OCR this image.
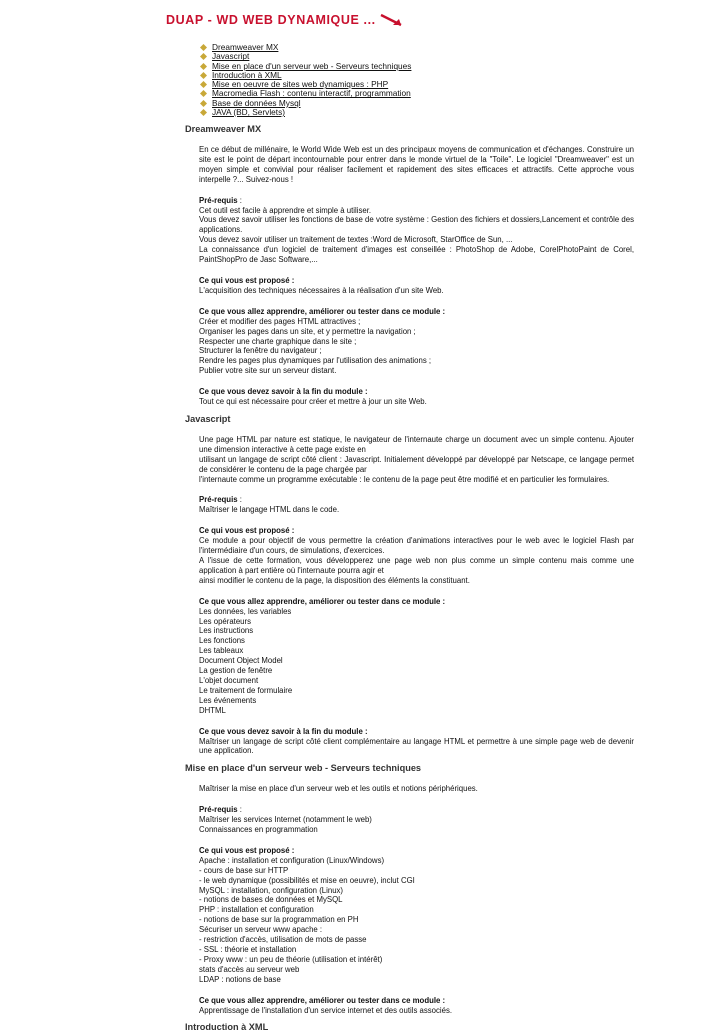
DUAP - WD WEB DYNAMIQUE ...
Dreamweaver MX
Javascript
Mise en place d'un serveur web - Serveurs techniques
Introduction à XML
Mise en oeuvre de sites web dynamiques : PHP
Macromedia Flash : contenu interactif, programmation
Base de données Mysql
JAVA (BD, Servlets)
Dreamweaver MX

En ce début de millénaire, le World Wide Web est un des principaux moyens de communication et d'échanges. Construire un site est le point de départ incontournable pour entrer dans le monde virtuel de la "Toile". Le logiciel "Dreamweaver" est un moyen simple et convivial pour réaliser facilement et rapidement des sites efficaces et attractifs. Cette approche vous interpelle ?... Suivez-nous !

Pré-requis :

Cet outil est facile à apprendre et simple à utiliser.

Vous devez savoir utiliser les fonctions de base de votre système : Gestion des fichiers et dossiers,Lancement et contrôle des applications.

Vous devez savoir utiliser un traitement de textes :Word de Microsoft, StarOffice de Sun, ...

La connaissance d'un logiciel de traitement d'images est conseillée : PhotoShop de Adobe, CorelPhotoPaint de Corel, PaintShopPro de Jasc Software,...

Ce qui vous est proposé :

L'acquisition des techniques nécessaires à la réalisation d'un site Web.

Ce que vous allez apprendre, améliorer ou tester dans ce module :

Créer et modifier des pages HTML attractives ;

Organiser les pages dans un site, et y permettre la navigation ;

Respecter une charte graphique dans le site ;

Structurer la fenêtre du navigateur ;

Rendre les pages plus dynamiques par l'utilisation des animations ;

Publier votre site sur un serveur distant.

Ce que vous devez savoir à la fin du module :

Tout ce qui est nécessaire pour créer et mettre à jour un site Web.

Javascript

Une page HTML par nature est statique, le navigateur de l'internaute charge un document avec un simple contenu. Ajouter une dimension interactive à cette page existe en

utilisant un langage de script côté client : Javascript. Initialement développé par développé par Netscape, ce langage permet de considérer le contenu de la page chargée par

l'internaute comme un programme exécutable : le contenu de la page peut être modifié et en particulier les formulaires.

Pré-requis :

Maîtriser le langage HTML dans le code.

Ce qui vous est proposé :

Ce module a pour objectif de vous permettre la création d'animations interactives pour le web avec le logiciel Flash par l'intermédiaire d'un cours, de simulations, d'exercices.

A l'issue de cette formation, vous développerez une page web non plus comme un simple contenu mais comme une application à part entière où l'internaute pourra agir et

ainsi modifier le contenu de la page, la disposition des éléments la constituant.

Ce que vous allez apprendre, améliorer ou tester dans ce module :

Les données, les variables

Les opérateurs

Les instructions

Les fonctions

Les tableaux

Document Object Model

La gestion de fenêtre

L'objet document

Le traitement de formulaire

Les événements

DHTML

Ce que vous devez savoir à la fin du module :

Maîtriser un langage de script côté client complémentaire au langage HTML et permettre à une simple page web de devenir une application.

Mise en place d'un serveur web - Serveurs techniques

Maîtriser la mise en place d'un serveur web et les outils et notions périphériques.

Pré-requis :

Maîtriser les services Internet (notamment le web)

Connaissances en programmation

Ce qui vous est proposé :

Apache : installation et configuration (Linux/Windows)

- cours de base sur HTTP

- le web dynamique (possibilités et mise en oeuvre), inclut CGI

MySQL : installation, configuration (Linux)

- notions de bases de données et MySQL

PHP : installation et configuration

- notions de base sur la programmation en PH

Sécuriser un serveur www apache :

- restriction d'accès, utilisation de mots de passe

- SSL : théorie et installation

- Proxy www : un peu de théorie (utilisation et intérêt)

stats d'accès au serveur web

LDAP : notions de base

Ce que vous allez apprendre, améliorer ou tester dans ce module :

Apprentissage de l'installation d'un service internet et des outils associés.

Introduction à XML
